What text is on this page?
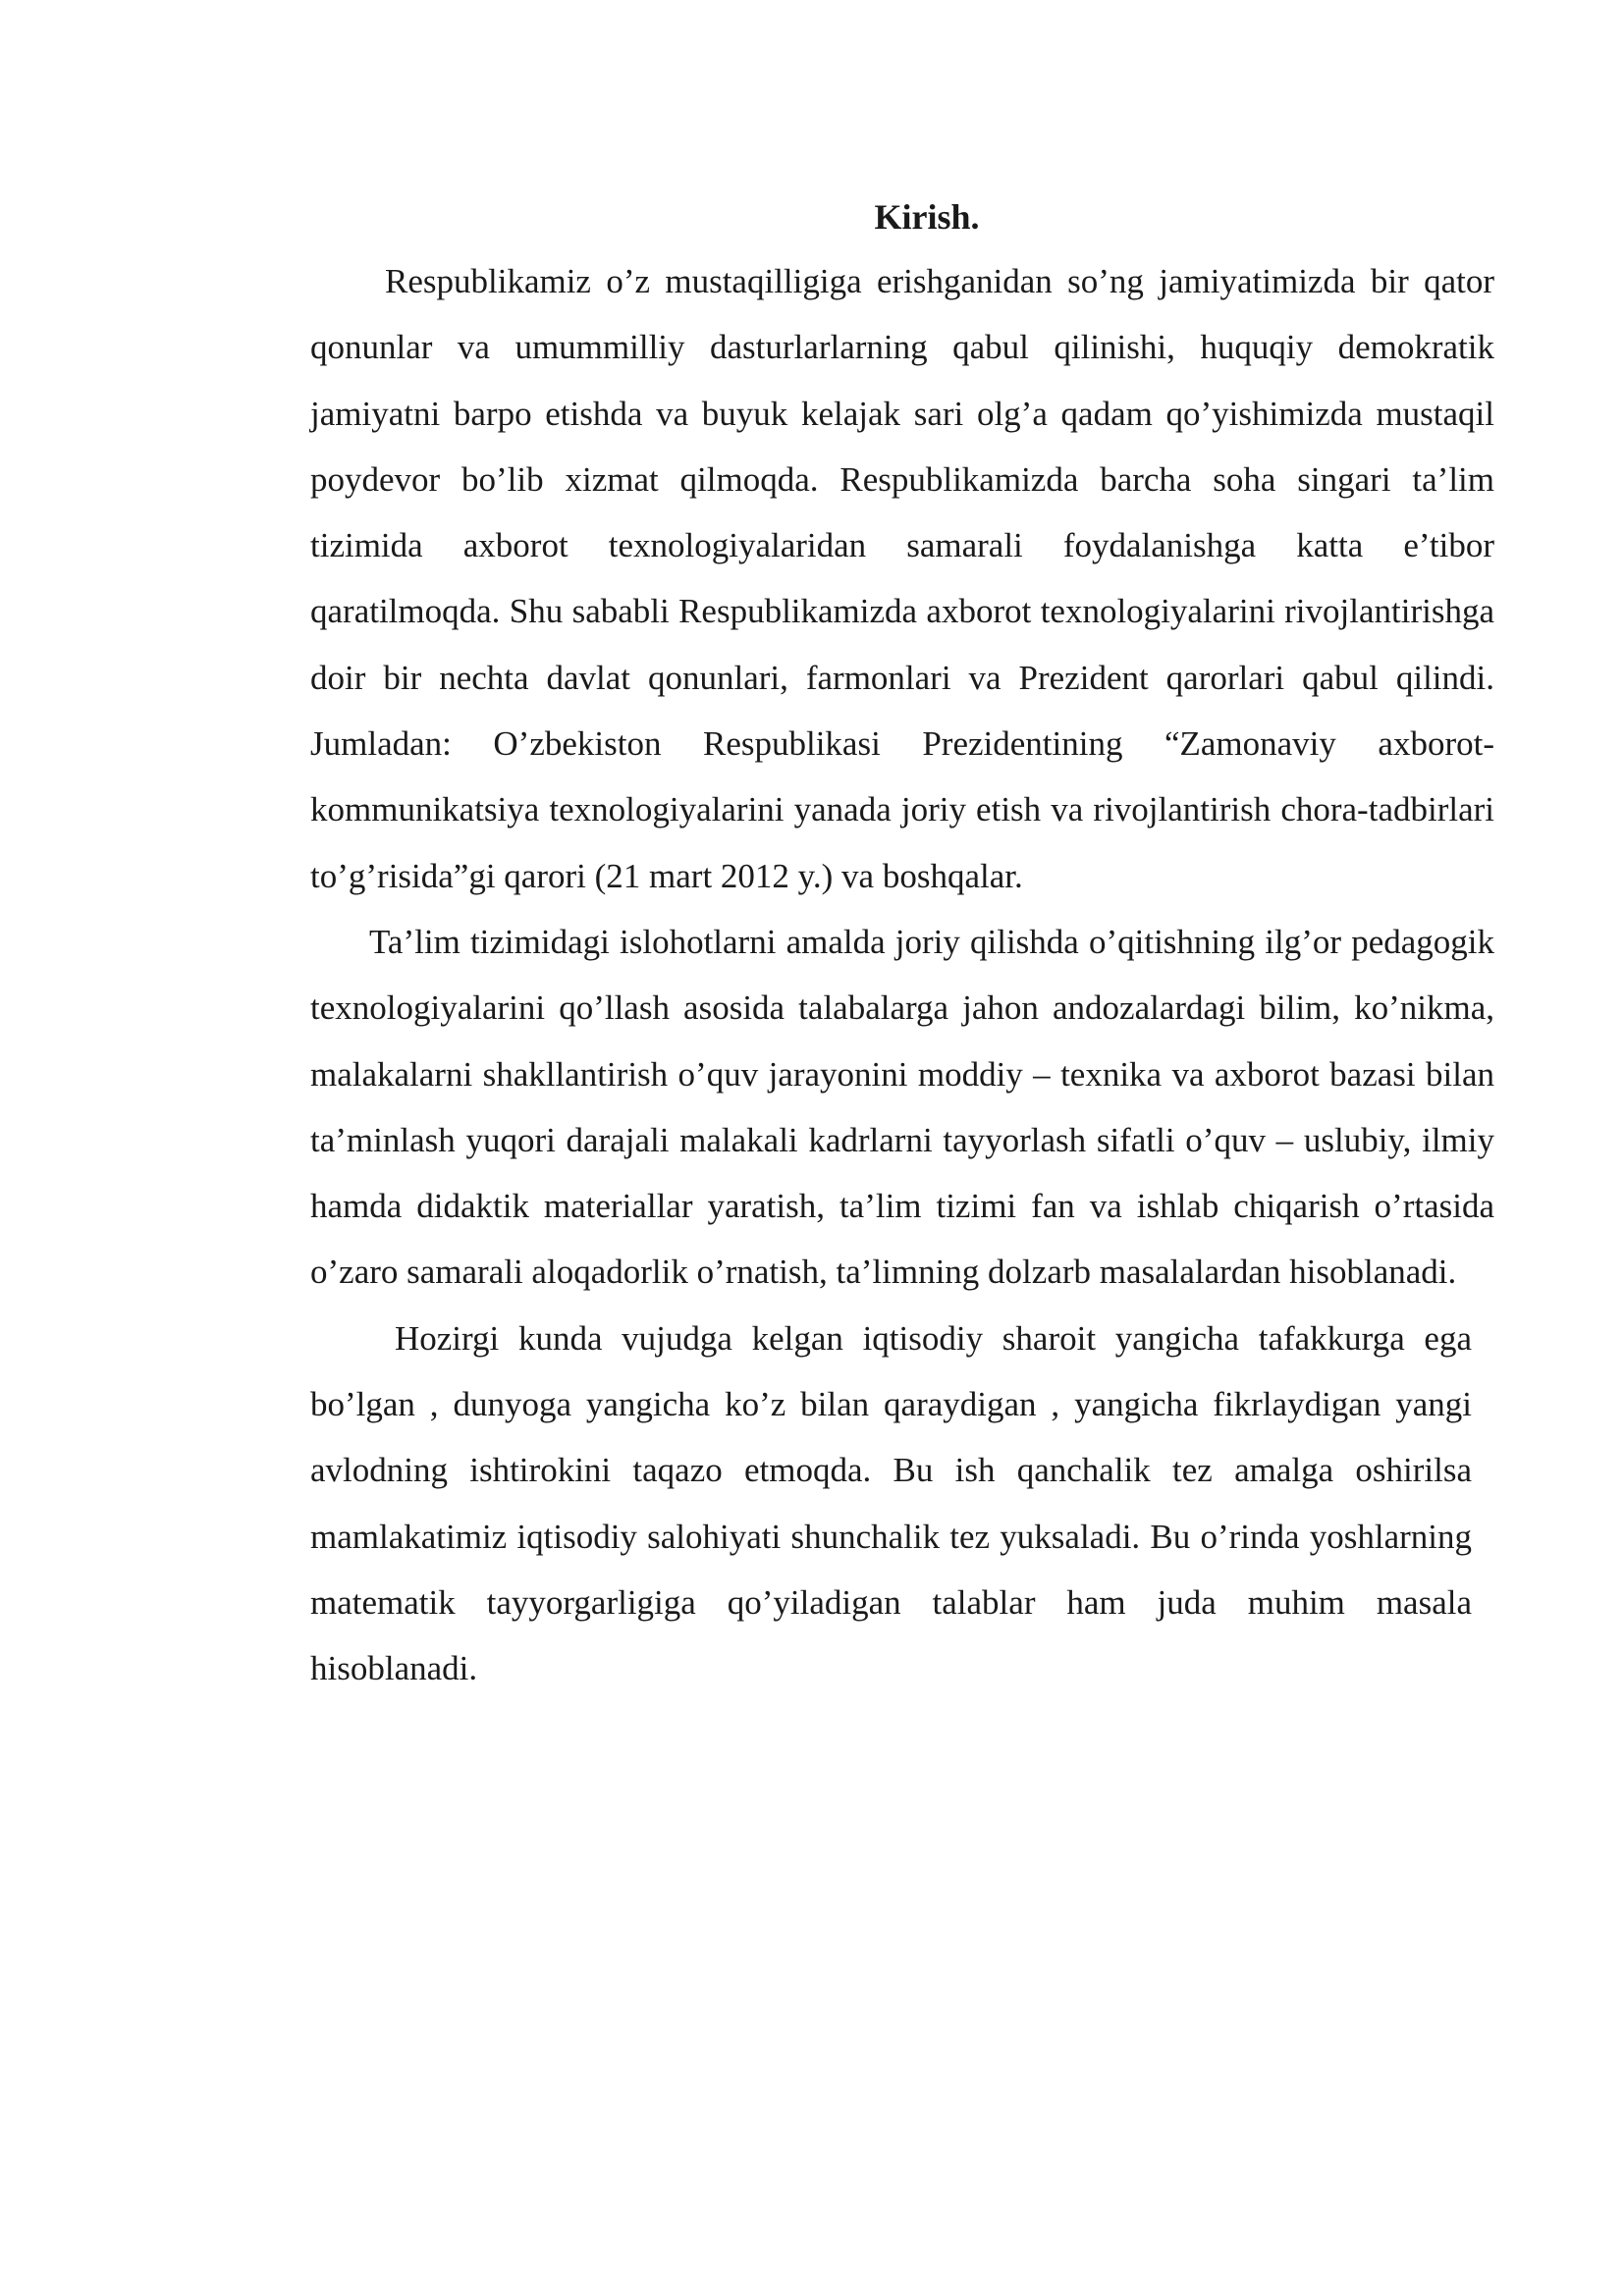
Kirish.

Respublikamiz o’z mustaqilligiga erishganidan so’ng jamiyatimizda bir qator qonunlar va umummilliy dasturlarlarning qabul qilinishi, huquqiy demokratik jamiyatni barpo etishda va buyuk kelajak sari olg’a qadam qo’yishimizda mustaqil poydevor bo’lib xizmat qilmoqda. Respublikamizda barcha soha singari ta’lim tizimida axborot texnologiyalaridan samarali foydalanishga katta e’tibor qaratilmoqda. Shu sababli Respublikamizda axborot texnologiyalarini rivojlantirishga doir bir nechta davlat qonunlari, farmonlari va Prezident qarorlari qabul qilindi. Jumladan: O’zbekiston Respublikasi Prezidentining “Zamonaviy axborot-kommunikatsiya texnologiyalarini yanada joriy etish va rivojlantirish chora-tadbirlari to’g’risida”gi qarori (21 mart 2012 y.) va boshqalar.

Ta’lim tizimidagi islohotlarni amalda joriy qilishda o’qitishning ilg’or pedagogik texnologiyalarini qo’llash asosida talabalarga jahon andozalardagi bilim, ko’nikma, malakalarni shakllantirish o’quv jarayonini moddiy – texnika va axborot bazasi bilan ta’minlash yuqori darajali malakali kadrlarni tayyorlash sifatli o’quv – uslubiy, ilmiy hamda didaktik materiallar yaratish, ta’lim tizimi fan va ishlab chiqarish o’rtasida o’zaro samarali aloqadorlik o’rnatish, ta’limning dolzarb masalalardan hisoblanadi.

Hozirgi kunda vujudga kelgan iqtisodiy sharoit yangicha tafakkurga ega bo’lgan , dunyoga yangicha ko’z bilan qaraydigan , yangicha fikrlaydigan yangi avlodning ishtirokini taqazo etmoqda. Bu ish qanchalik tez amalga oshirilsa mamlakatimiz iqtisodiy salohiyati shunchalik tez yuksaladi. Bu o’rinda yoshlarning matematik tayyorgarligiga qo’yiladigan talablar ham juda muhim masala hisoblanadi.
